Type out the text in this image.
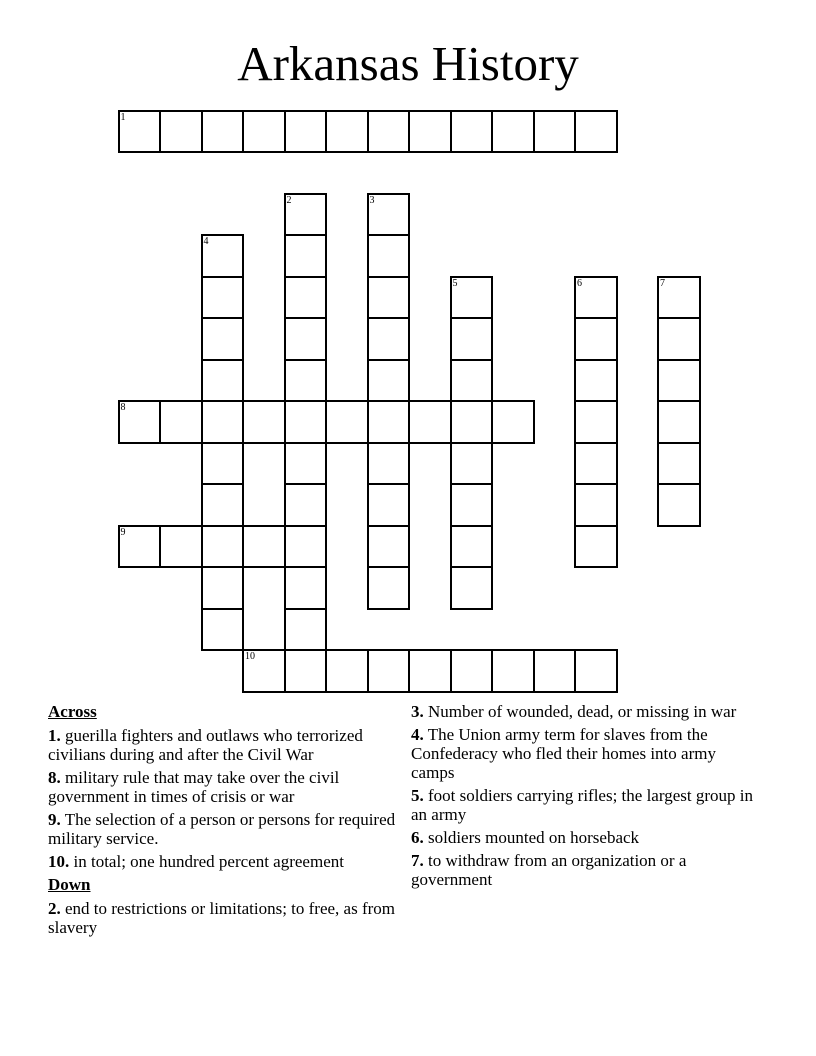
Arkansas History
1
8
9
10
2	3
4
5	6	7
Across
1. guerilla fighters and outlaws who terrorized civilians during and after the Civil War
8. military rule that may take over the civil government in times of crisis or war
9. The selection of a person or persons for required military service.
10. in total; one hundred percent agreement
Down
2. end to restrictions or limitations; to free, as from slavery
3. Number of wounded, dead, or missing in war
4. The Union army term for slaves from the Confederacy who fled their homes into army camps
5. foot soldiers carrying rifles; the largest group in an army
6. soldiers mounted on horseback
7. to withdraw from an organization or a government
